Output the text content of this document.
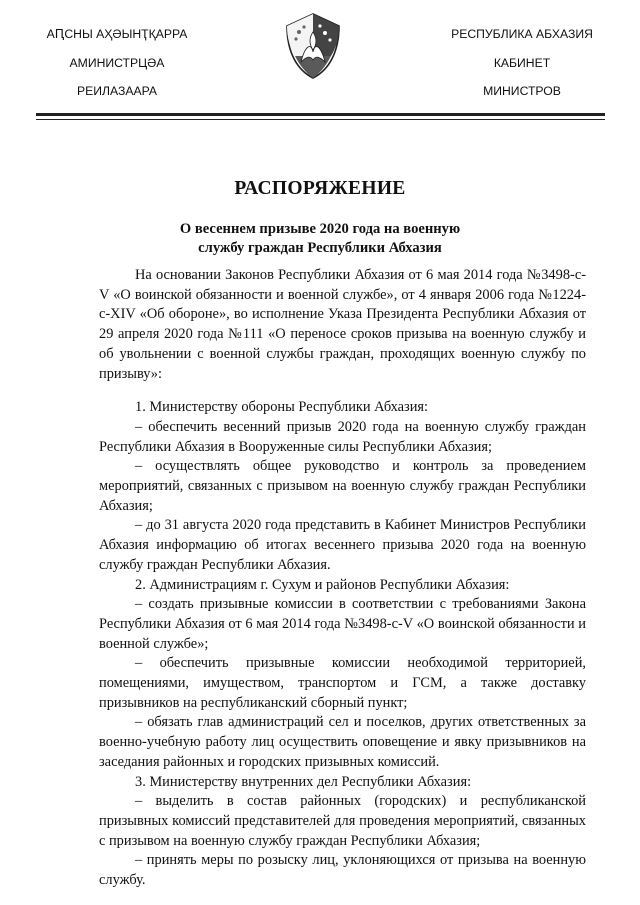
АԤСНЫ АҲӘЫНҬҚАРРА
АМИНИСТРЦӘА
РЕИЛАЗААРА
РЕСПУБЛИКА АБХАЗИЯ
КАБИНЕТ
МИНИСТРОВ
РАСПОРЯЖЕНИЕ
О весеннем призыве 2020 года на военную
службу граждан Республики Абхазия

На основании Законов Республики Абхазия от 6 мая 2014 года №3498-с-V «О воинской обязанности и военной службе», от 4 января 2006 года №1224-с-XIV «Об обороне», во исполнение Указа Президента Республики Абхазия от 29 апреля 2020 года №111 «О переносе сроков призыва на военную службу и об увольнении с военной службы граждан, проходящих военную службу по призыву»:

1. Министерству обороны Республики Абхазия:

– обеспечить весенний призыв 2020 года на военную службу граждан Республики Абхазия в Вооруженные силы Республики Абхазия;

– осуществлять общее руководство и контроль за проведением мероприятий, связанных с призывом на военную службу граждан Республики Абхазия;

– до 31 августа 2020 года представить в Кабинет Министров Республики Абхазия информацию об итогах весеннего призыва 2020 года на военную службу граждан Республики Абхазия.

2. Администрациям г. Сухум и районов Республики Абхазия:

– создать призывные комиссии в соответствии с требованиями Закона Республики Абхазия от 6 мая 2014 года №3498-с-V «О воинской обязанности и военной службе»;

– обеспечить призывные комиссии необходимой территорией, помещениями, имуществом, транспортом и ГСМ, а также доставку призывников на республиканский сборный пункт;

– обязать глав администраций сел и поселков, других ответственных за военно-учебную работу лиц осуществить оповещение и явку призывников на заседания районных и городских призывных комиссий.

3. Министерству внутренних дел Республики Абхазия:

– выделить в состав районных (городских) и республиканской призывных комиссий представителей для проведения мероприятий, связанных с призывом на военную службу граждан Республики Абхазия;

– принять меры по розыску лиц, уклоняющихся от призыва на военную службу.
